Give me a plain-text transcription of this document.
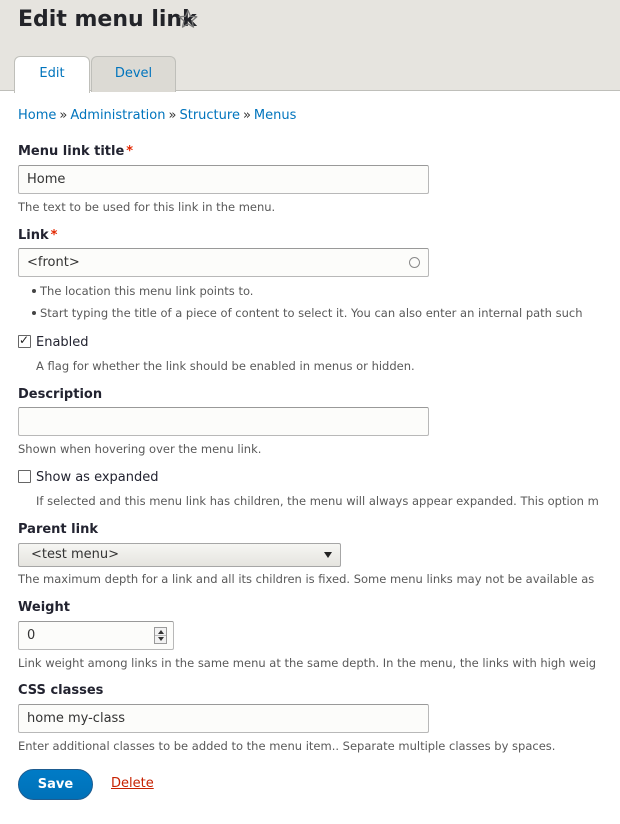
Edit menu link
Edit	Devel
Home » Administration » Structure » Menus
Menu link title *
Home
The text to be used for this link in the menu.
Link *
<front>
The location this menu link points to.
Start typing the title of a piece of content to select it. You can also enter an internal path such
✓ Enabled
A flag for whether the link should be enabled in menus or hidden.
Description
Shown when hovering over the menu link.
Show as expanded
If selected and this menu link has children, the menu will always appear expanded. This option m
Parent link
<test menu>
The maximum depth for a link and all its children is fixed. Some menu links may not be available as
Weight
0
Link weight among links in the same menu at the same depth. In the menu, the links with high weig
CSS classes
home my-class
Enter additional classes to be added to the menu item.. Separate multiple classes by spaces.
Save	Delete
